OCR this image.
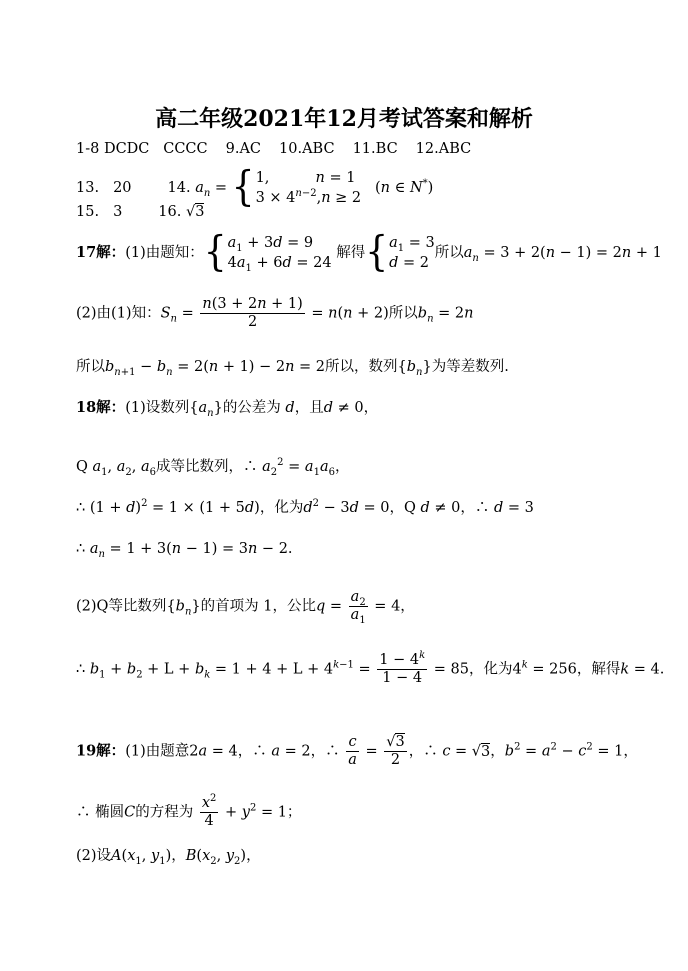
高二年级2021年12月考试答案和解析
1-8 DCDC   CCCC 9.AC 10.ABC 11.BC 12.ABC
13. 20 14. $a_n$ = { 1,          n = 1
$3 \times 4^{n-2},n \ge 2$
(n ∈ N*)
15. 3 16. √3
17解：(1)由题知：{ $a_1 + 3d = 9$
$4a_1 + 6d = 24$
解得{ $a_1 = 3$
d = 2
所以$a_n = 3 + 2(n - 1) = 2n + 1$
(2)由(1)知：$S_n = \frac{n(3 + 2n + 1)}{2} = n(n + 2)$所以$b_n = 2n$
所以$b_{n+1} - b_n = 2(n + 1) - 2n = 2$所以，数列$\{b_n\}$为等差数列.
18解：(1)设数列$\{a_n\}$的公差为 d，且d ≠ 0，
Q $a_1$, $a_2$, $a_6$成等比数列，∴ $a_2^2 = a_1a_6$，
∴ $(1 + d)^2 = 1 \times (1 + 5d)$，化为$d^2 - 3d = 0$，Q d ≠ 0，∴ d = 3
∴ $a_n = 1 + 3(n - 1) = 3n - 2$.
(2)Q等比数列$\{b_n\}$的首项为 1，公比$q = \frac{a_2}{a_1} = 4$，
∴ $b_1 + b_2 + L + b_k = 1 + 4 + L + 4^{k-1} = \frac{1 - 4^k}{1 - 4} = 85$，化为$4^k = 256$，解得k = 4.
19解：(1)由题意2a = 4，∴ a = 2，∴ $\frac{c}{a} = \frac{√3}{2}$ ，∴ c = √3，$b^2 = a^2 - c^2 = 1$，
∴ 椭圆C的方程为 $\frac{x^2}{4} + y^2 = 1$；
(2)设$A(x_1$, $y_1$)，$B(x_2$, $y_2$)，
